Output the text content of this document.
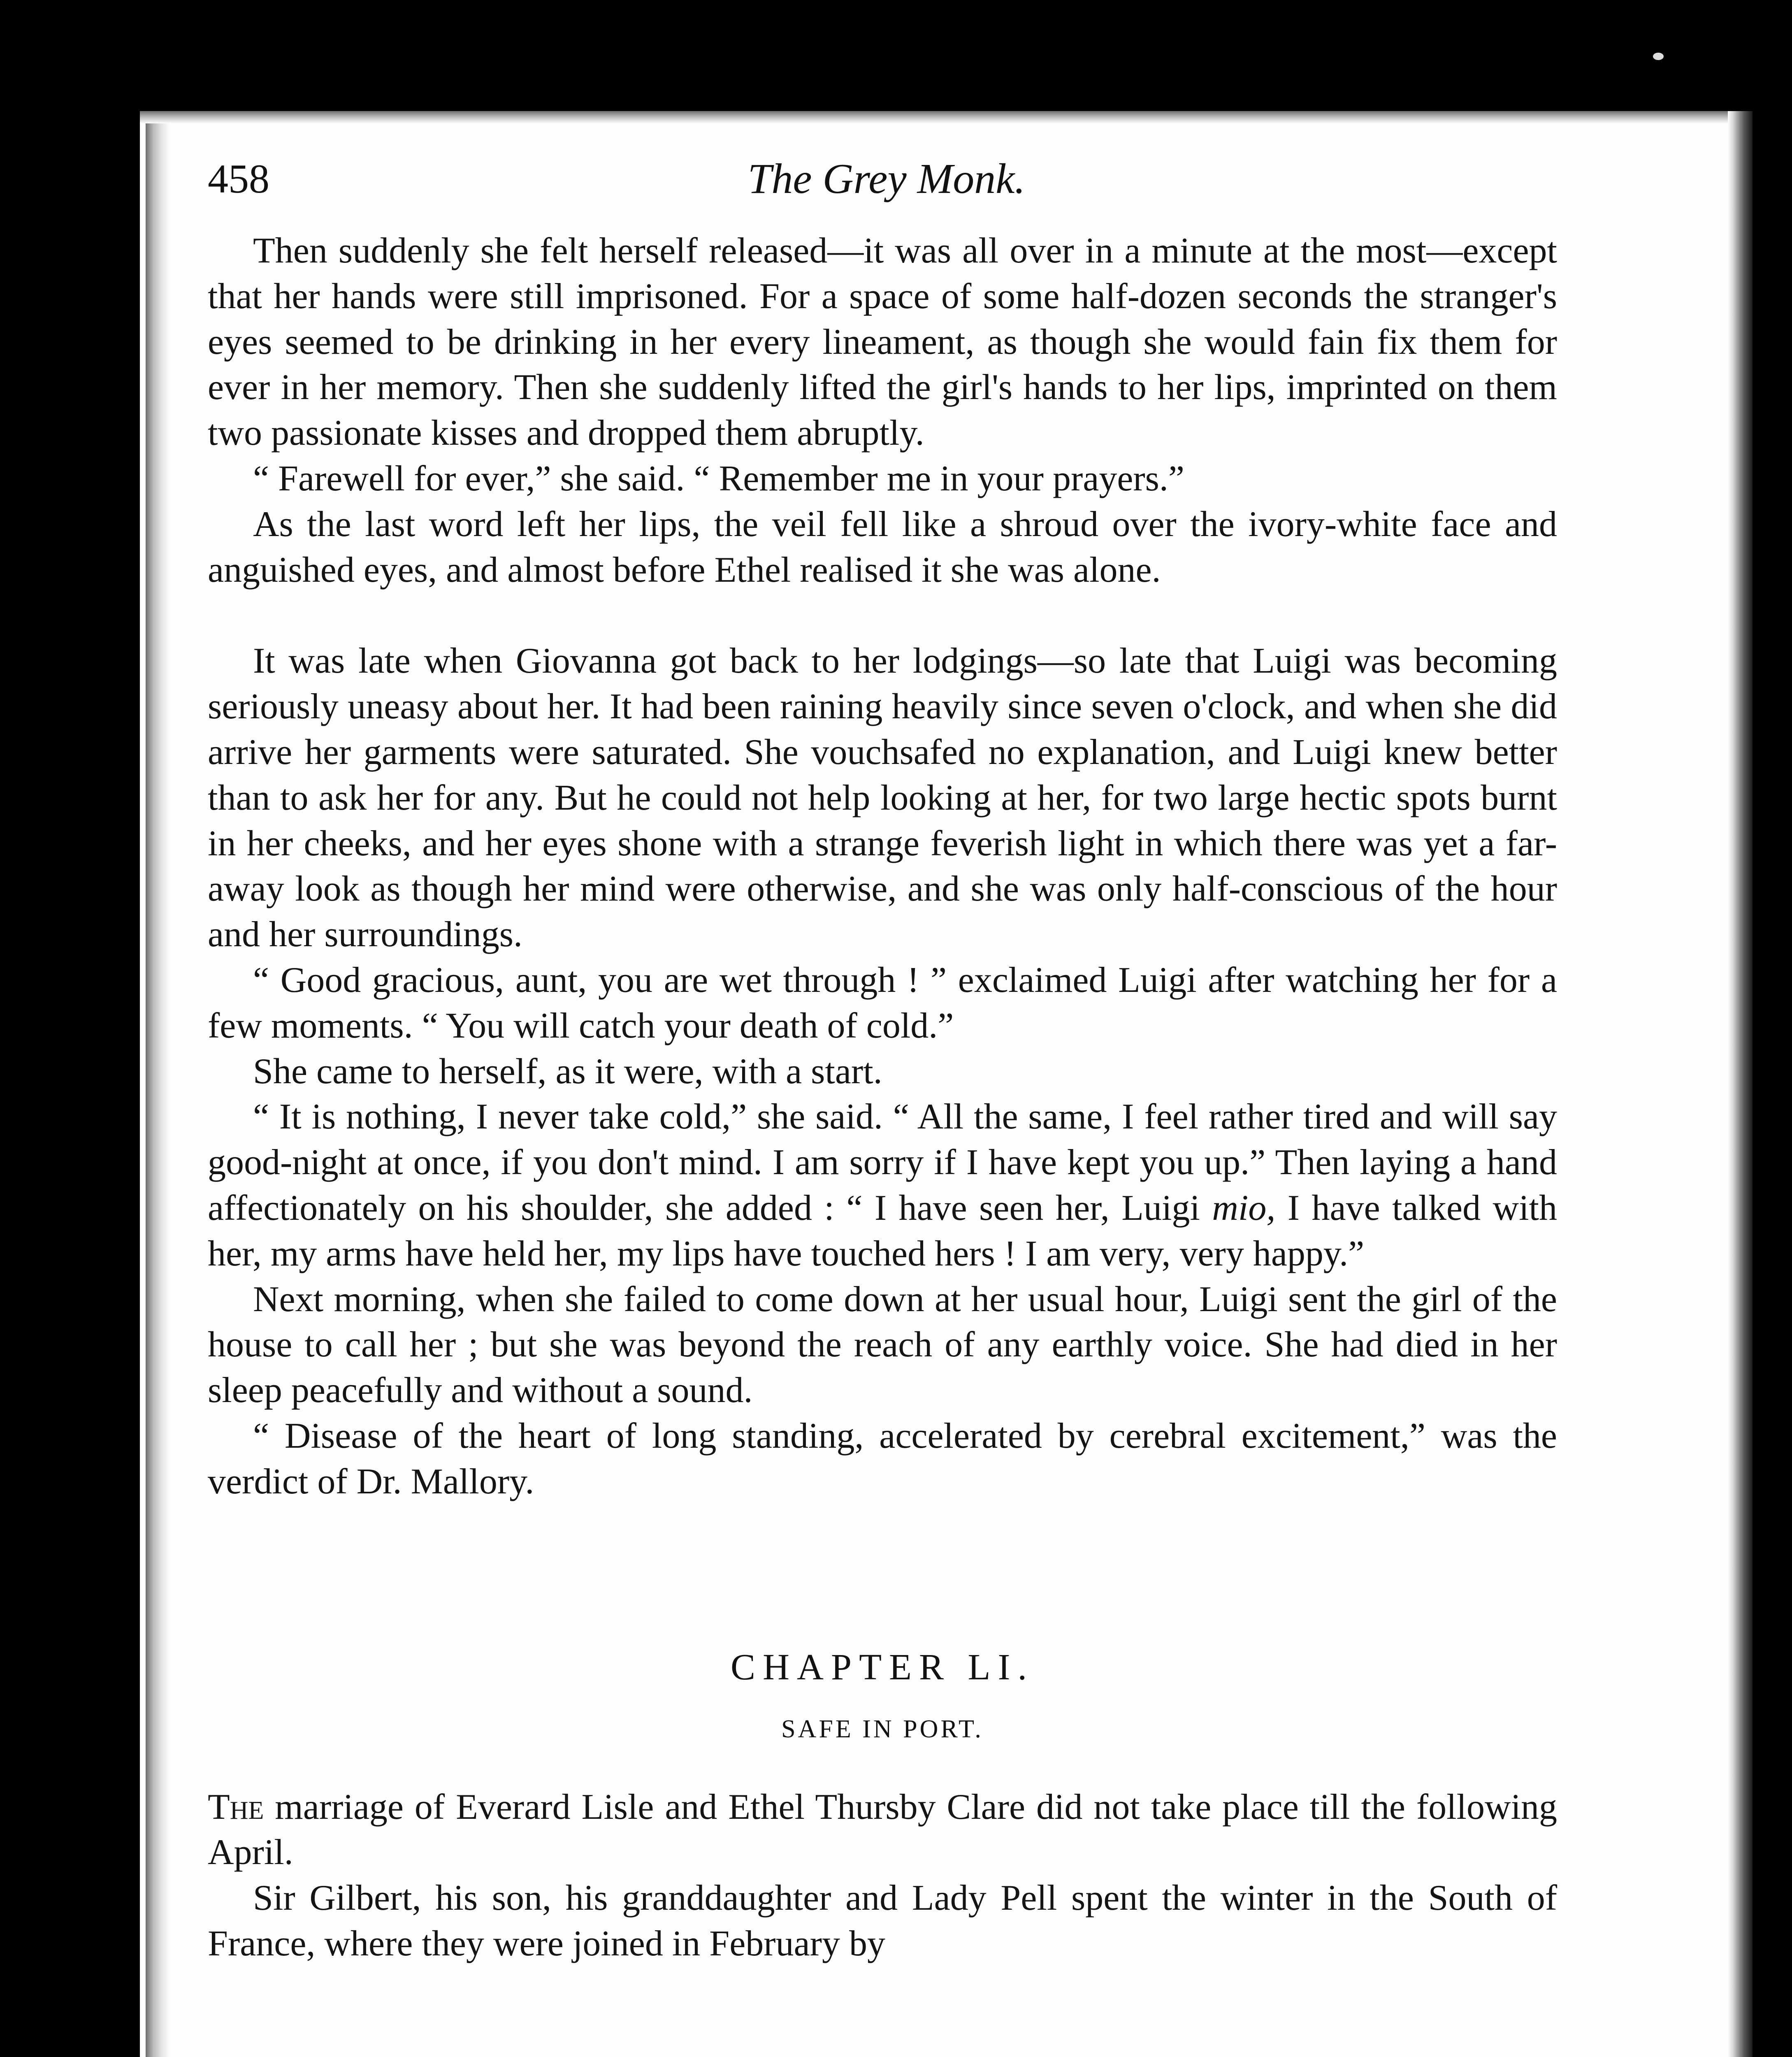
458	The Grey Monk.

Then suddenly she felt herself released—it was all over in a minute at the most—except that her hands were still imprisoned. For a space of some half-dozen seconds the stranger's eyes seemed to be drinking in her every lineament, as though she would fain fix them for ever in her memory. Then she suddenly lifted the girl's hands to her lips, imprinted on them two passionate kisses and dropped them abruptly.

“ Farewell for ever,” she said. “ Remember me in your prayers.”

As the last word left her lips, the veil fell like a shroud over the ivory-white face and anguished eyes, and almost before Ethel realised it she was alone.

It was late when Giovanna got back to her lodgings—so late that Luigi was becoming seriously uneasy about her. It had been raining heavily since seven o'clock, and when she did arrive her garments were saturated. She vouchsafed no explanation, and Luigi knew better than to ask her for any. But he could not help looking at her, for two large hectic spots burnt in her cheeks, and her eyes shone with a strange feverish light in which there was yet a far-away look as though her mind were otherwise, and she was only half-conscious of the hour and her surroundings.

“ Good gracious, aunt, you are wet through ! ” exclaimed Luigi after watching her for a few moments. “ You will catch your death of cold.”

She came to herself, as it were, with a start.

“ It is nothing, I never take cold,” she said. “ All the same, I feel rather tired and will say good-night at once, if you don't mind. I am sorry if I have kept you up.” Then laying a hand affectionately on his shoulder, she added : “ I have seen her, Luigi mio, I have talked with her, my arms have held her, my lips have touched hers ! I am very, very happy.”

Next morning, when she failed to come down at her usual hour, Luigi sent the girl of the house to call her ; but she was beyond the reach of any earthly voice. She had died in her sleep peacefully and without a sound.

“ Disease of the heart of long standing, accelerated by cerebral excitement,” was the verdict of Dr. Mallory.

CHAPTER LI.
SAFE IN PORT.

The marriage of Everard Lisle and Ethel Thursby Clare did not take place till the following April.

Sir Gilbert, his son, his granddaughter and Lady Pell spent the winter in the South of France, where they were joined in February by
